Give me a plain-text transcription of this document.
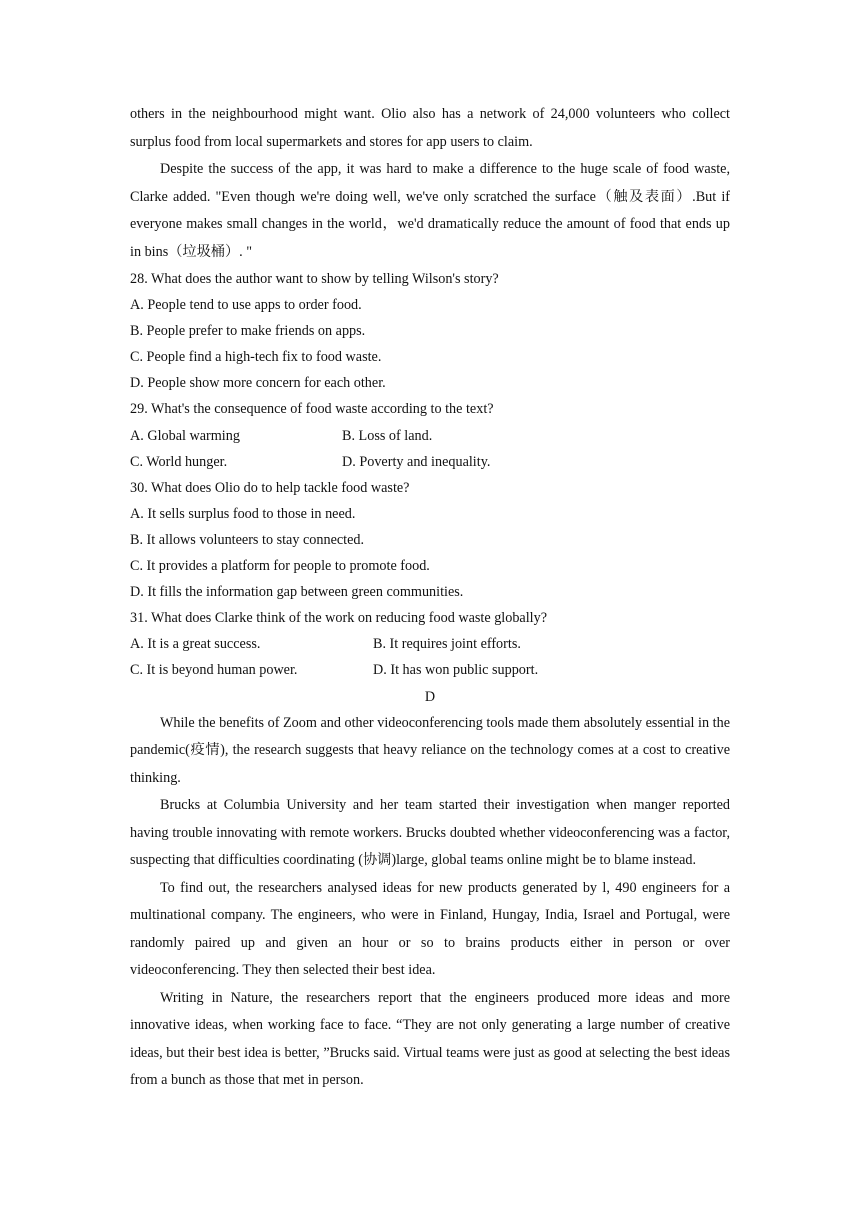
others in the neighbourhood might want. Olio also has a network of 24,000 volunteers who collect surplus food from local supermarkets and stores for app users to claim.

Despite the success of the app, it was hard to make a difference to the huge scale of food waste, Clarke added. "Even though we're doing well, we've only scratched the surface（触及表面）.But if everyone makes small changes in the world，we'd dramatically reduce the amount of food that ends up in bins（垃圾桶）. "

28. What does the author want to show by telling Wilson's story?

A. People tend to use apps to order food.

B. People prefer to make friends on apps.

C. People find a high-tech fix to food waste.

D. People show more concern for each other.

29. What's the consequence of food waste according to the text?

A. Global warming	B. Loss of land.
C. World hunger.	D. Poverty and inequality.

30. What does Olio do to help tackle food waste?

A. It sells surplus food to those in need.

B. It allows volunteers to stay connected.

C. It provides a platform for people to promote food.

D. It fills the information gap between green communities.

31. What does Clarke think of the work on reducing food waste globally?

A. It is a great success.	B. It requires joint efforts.
C. It is beyond human power.	D. It has won public support.

D

While the benefits of Zoom and other videoconferencing tools made them absolutely essential in the pandemic(疫情), the research suggests that heavy reliance on the technology comes at a cost to creative thinking.

Brucks at Columbia University and her team started their investigation when manger reported having trouble innovating with remote workers. Brucks doubted whether videoconferencing was a factor, suspecting that difficulties coordinating (协调)large, global teams online might be to blame instead.

To find out, the researchers analysed ideas for new products generated by l, 490 engineers for a multinational company. The engineers, who were in Finland, Hungay, India, Israel and Portugal, were randomly paired up and given an hour or so to brains products either in person or over videoconferencing. They then selected their best idea.

Writing in Nature, the researchers report that the engineers produced more ideas and more innovative ideas, when working face to face. “They are not only generating a large number of creative ideas, but their best idea is better, ”Brucks said. Virtual teams were just as good at selecting the best ideas from a bunch as those that met in person.
